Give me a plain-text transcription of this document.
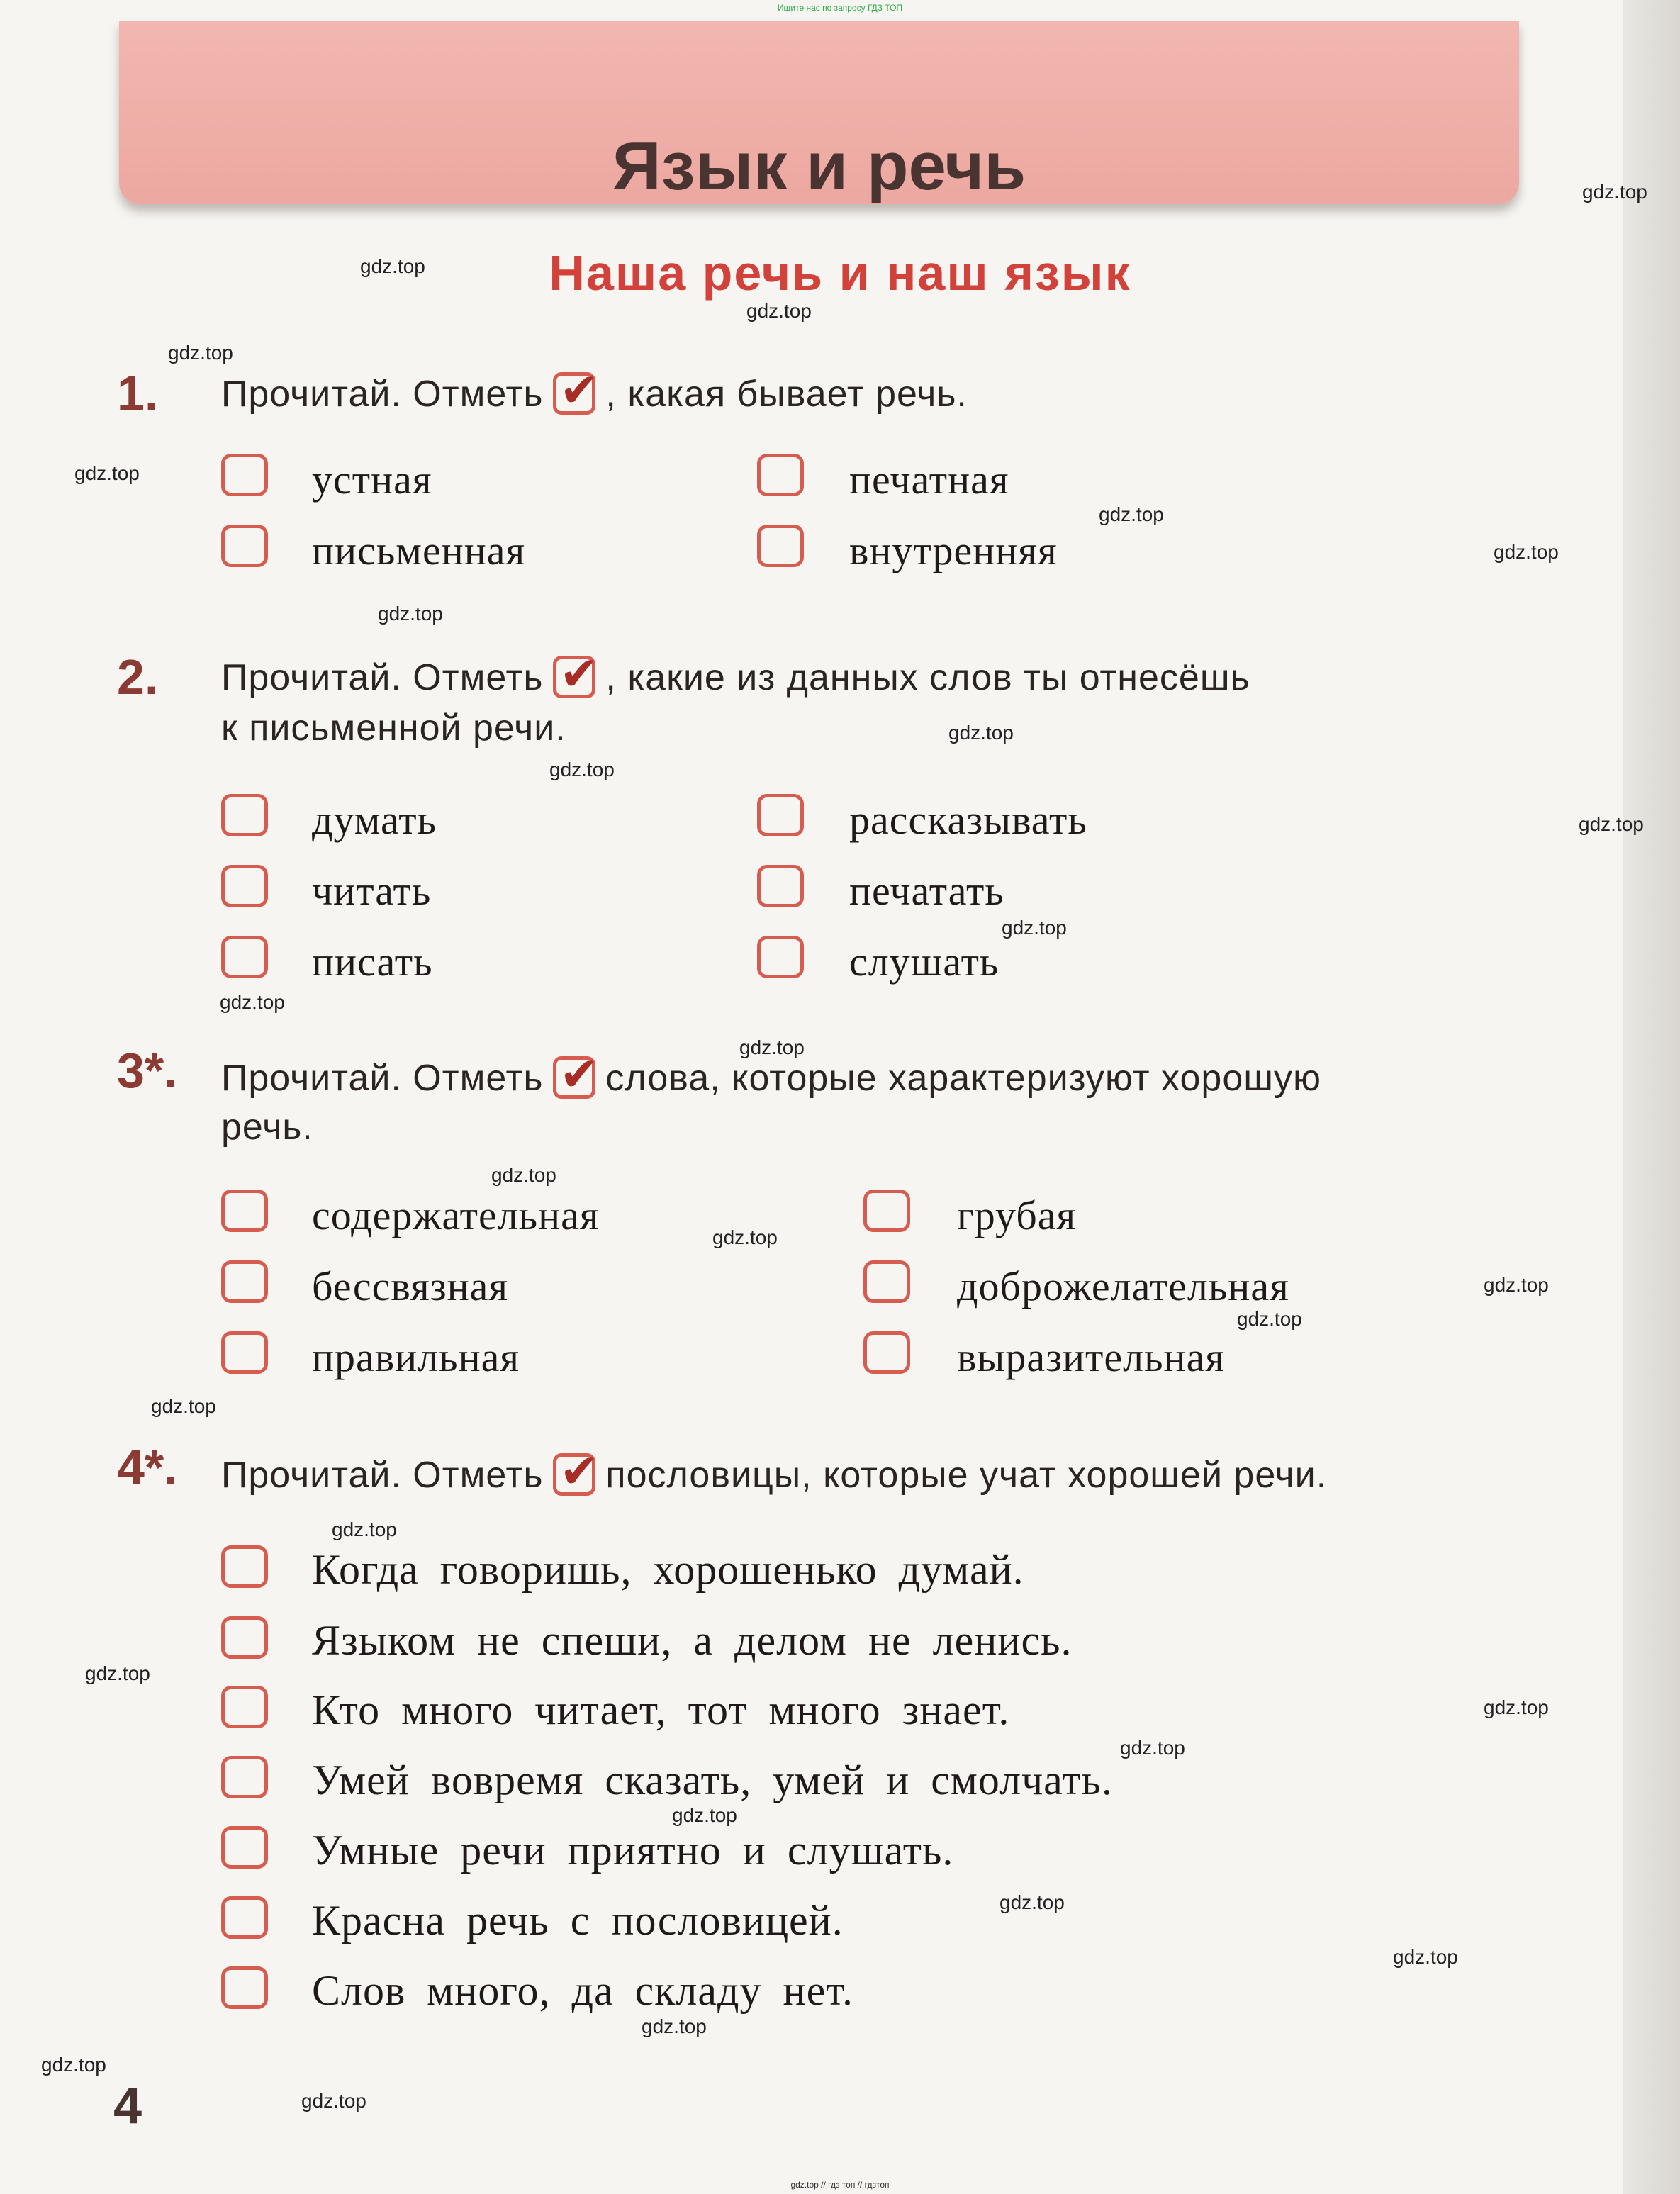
Ищите нас по запросу ГДЗ ТОП
Язык и речь
Наша речь и наш язык
1. Прочитай. Отметь ✔ , какая бывает речь.
устная	печатная
письменная	внутренняя
2. Прочитай. Отметь ✔ , какие из данных слов ты отнесёшь
к письменной речи.
думать	рассказывать
читать	печатать
писать	слушать
3*. Прочитай. Отметь ✔ слова, которые характеризуют хорошую
речь.
содержательная	грубая
бессвязная	доброжелательная
правильная	выразительная
4*. Прочитай. Отметь ✔ пословицы, которые учат хорошей речи.
Когда говоришь, хорошенько думай.
Языком не спеши, а делом не ленись.
Кто много читает, тот много знает.
Умей вовремя сказать, умей и смолчать.
Умные речи приятно и слушать.
Красна речь с пословицей.
Слов много, да складу нет.
4
gdz.top
gdz.top
gdz.top
gdz.top
gdz.top
gdz.top
gdz.top
gdz.top
gdz.top
gdz.top
gdz.top
gdz.top
gdz.top
gdz.top
gdz.top
gdz.top
gdz.top
gdz.top
gdz.top
gdz.top
gdz.top
gdz.top
gdz.top
gdz.top
gdz.top
gdz.top
gdz.top
gdz.top
gdz.top
gdz.top // гдз топ // гдзтоп
